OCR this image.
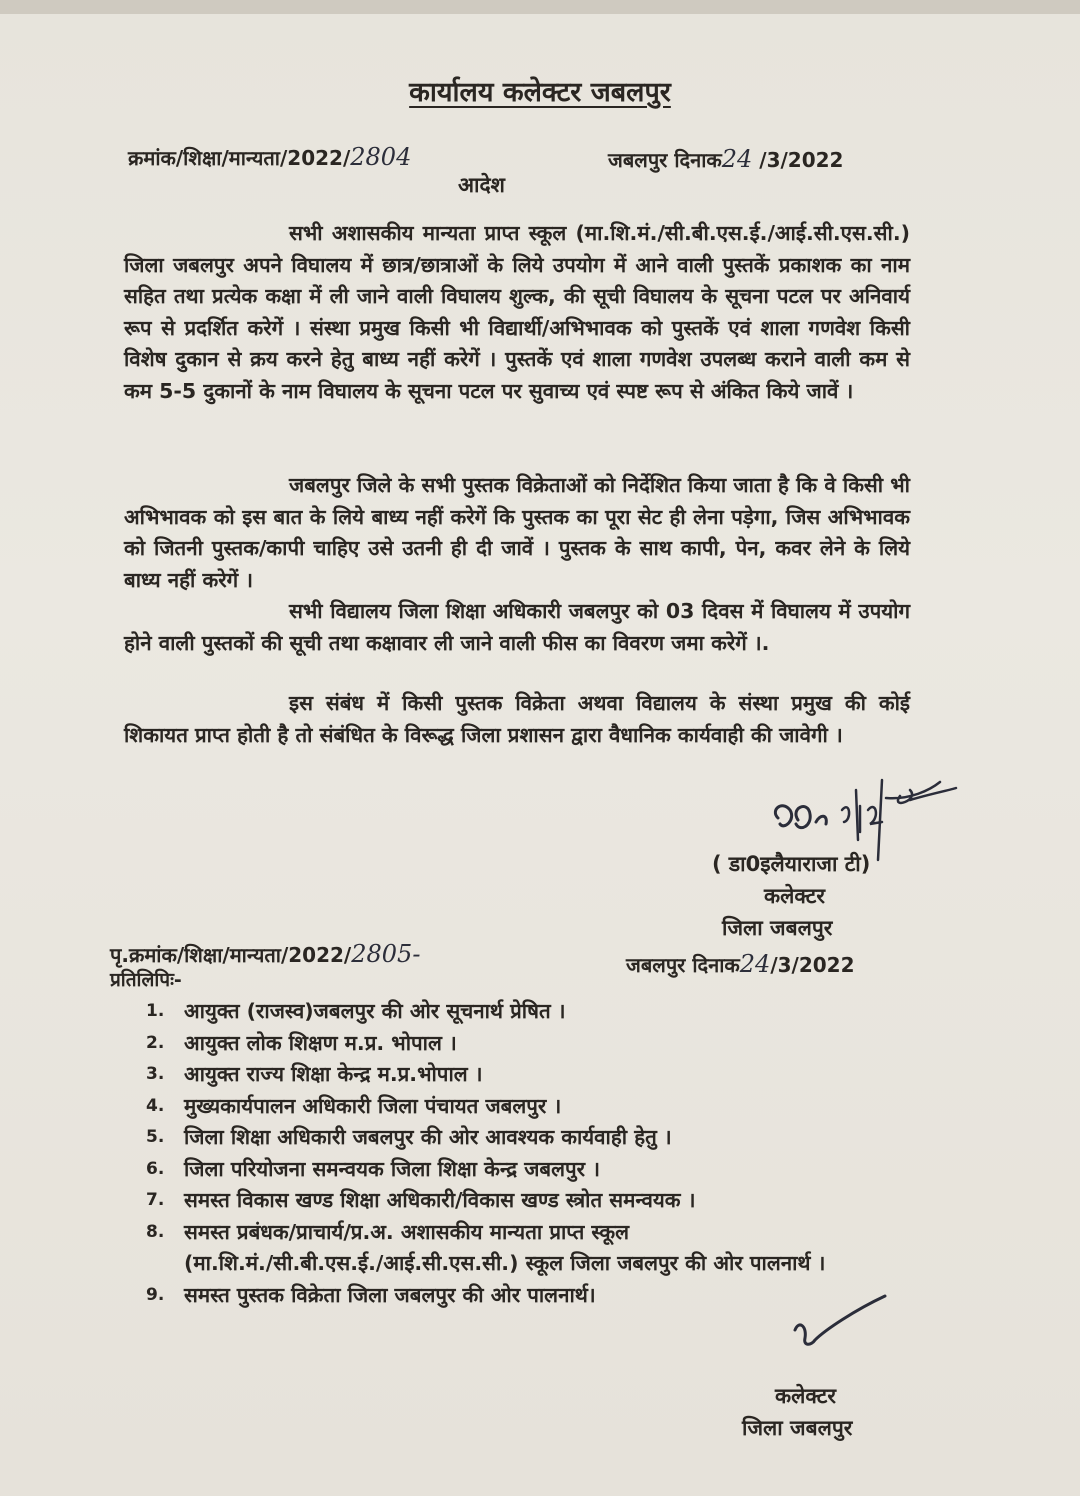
कार्यालय कलेक्टर जबलपुर
क्रमांक/शिक्षा/मान्यता/2022/2804	जबलपुर दिनाक24 /3/2022
आदेश
सभी अशासकीय मान्यता प्राप्त स्कूल (मा.शि.मं./सी.बी.एस.ई./आई.सी.एस.सी.) जिला जबलपुर अपने विघालय में छात्र/छात्राओं के लिये उपयोग में आने वाली पुस्तकें प्रकाशक का नाम सहित तथा प्रत्येक कक्षा में ली जाने वाली विघालय शुल्क, की सूची विघालय के सूचना पटल पर अनिवार्य रूप से प्रदर्शित करेगें । संस्था प्रमुख किसी भी विद्यार्थी/अभिभावक को पुस्तकें एवं शाला गणवेश किसी विशेष दुकान से क्रय करने हेतु बाध्य नहीं करेगें । पुस्तकें एवं शाला गणवेश उपलब्ध कराने वाली कम से कम 5-5 दुकानों के नाम विघालय के सूचना पटल पर सुवाच्य एवं स्पष्ट रूप से अंकित किये जावें ।
जबलपुर जिले के सभी पुस्तक विक्रेताओं को निर्देशित किया जाता है कि वे किसी भी अभिभावक को इस बात के लिये बाध्य नहीं करेगें कि पुस्तक का पूरा सेट ही लेना पड़ेगा, जिस अभिभावक को जितनी पुस्तक/कापी चाहिए उसे उतनी ही दी जावें । पुस्तक के साथ कापी, पेन, कवर लेने के लिये बाध्य नहीं करेगें ।
सभी विद्यालय जिला शिक्षा अधिकारी जबलपुर को 03 दिवस में विघालय में उपयोग होने वाली पुस्तकों की सूची तथा कक्षावार ली जाने वाली फीस का विवरण जमा करेगें ।.
इस संबंध में किसी पुस्तक विक्रेता अथवा विद्यालय के संस्था प्रमुख की कोई शिकायत प्राप्त होती है तो संबंधित के विरूद्ध जिला प्रशासन द्वारा वैधानिक कार्यवाही की जावेगी ।
( डा0इलैयाराजा टी)
कलेक्टर
जिला जबलपुर
पृ.क्रमांक/शिक्षा/मान्यता/2022/2805-	जबलपुर दिनाक24/3/2022
प्रतिलिपिः-
1. आयुक्त (राजस्व)जबलपुर की ओर सूचनार्थ प्रेषित ।
2. आयुक्त लोक शिक्षण म.प्र. भोपाल ।
3. आयुक्त राज्य शिक्षा केन्द्र म.प्र.भोपाल ।
4. मुख्यकार्यपालन अधिकारी जिला पंचायत जबलपुर ।
5. जिला शिक्षा अधिकारी जबलपुर की ओर आवश्यक कार्यवाही हेतु ।
6. जिला परियोजना समन्वयक जिला शिक्षा केन्द्र जबलपुर ।
7. समस्त विकास खण्ड शिक्षा अधिकारी/विकास खण्ड स्त्रोत समन्वयक ।
8. समस्त प्रबंधक/प्राचार्य/प्र.अ. अशासकीय मान्यता प्राप्त स्कूल
(मा.शि.मं./सी.बी.एस.ई./आई.सी.एस.सी.) स्कूल जिला जबलपुर की ओर पालनार्थ ।
9. समस्त पुस्तक विक्रेता जिला जबलपुर की ओर पालनार्थ।
कलेक्टर
जिला जबलपुर
